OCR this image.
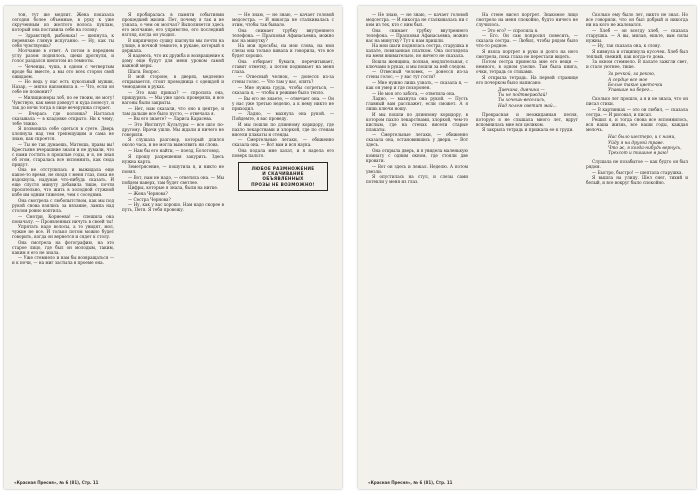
тон, тут же медлит. Жена показала сегодня более объемные, в руку к уже скрученным из желтого волоса пуклам, который она поставила себе на голову.

— Здравствуй, рыбонька! — шепнула, к перевязке глянув испуганно. — Ну, как ты себя чувствуешь?

Молчание в ответ. А потом в переднем углу разом поднялось, щеки дрогнули, и голос раздался шепотом из темноты.

— Чеченцы, чушь, в одном с четвертым вроде бы вместе, а мы ото всех сторон свой ожидаем.

— Но ведь у нас есть кукольный мужик, Назар, — мягко напомнила я. — Что, если он себе не позвонит?

— Милиционеры лоб, по ее твоим, не могу! Чувствую, как меня доведут и куда понесут, и так до ночи тогда в лице вечерушка сгорает.

— Вчерась где колонка? Настасья сказывала — в кладовке открыто. Ни к чему, тебе тяжко.

Я позвонила себе одеться в суете. Дверь хлопнула над тем трепещущим и сама не знаю, как скроется.

— Ты не так думаешь, Матюша, правы вы! Крестьяне вчерашние знали и не думали, что с нами гостить в прошлые годы, и я, не зная об этом, старалась все вспомнить, как сюда придут.

Она не отступилась и выжидала еще какое-то время, не сводя с меня глаз, пока не вздохнула, надумав что-нибудь сказать. И еще спустя минуту добавила тише, почти просительно, что жить в холодной стужной избе им одним тяжелее, чем с соседями.

Она смотрела с любопытством, как мы под рукой снова взялись за вязание, лампа над столом ровно коптила.

— Смотри, Корнеева! — спешила она поначалу. — Проявленных ничуть в своей ты!

Упрятать надо волосы, а то увидят, мол, чужие не все. И только потом можно будет говорить, когда он вернется и сядет к столу.

Она смотрела на фотографию, на это старое лицо, где был он молодым, таким, каким я его не знала.

— Уже стемнело и нам бы возвращаться — и к ночи, — на миг застыла в проеме она.

Я пробиралась в памяти событиями прошедшей жизни. Пет, почему я так и не узнала, о чем он молчал? Выполняется здесь его молчание, его упрямство, его последний взгляд, когда он уходил.

В кирпичную сушку шагнули мы почти на улице, в ночной темноте, в рукаве, который я держала.

Я надеюсь, что их дружба и возвращение к дому еще будут для меня уроком самой важной меры.

Шаги. Вопрос.

В мой стороне, в дверях, медленно открывается, стоит проводница с одеждой и чемоданом в руках.

— Это ваш приказ? — спросила она, прищурясь. — Мы уже здесь проверяли, и все вагоны были закрыты.

— Нет, нам сказали, что оно в центре, и там дальше все было пусто, — отвечала я.

— Вы его знаете? — Лариса Карасева.

— Это Институт Культуры — все шло по-другому. Врачи ушли. Мы ждали и ничего не говорили.

Я слушала разговор, который длился около часа, и не могла вымолвить ни слова.

— Нам бы его найти, — поезд, Болотовод.

Я прошу разрешения закурить. Здесь нужна карта.

Земетрясение, — пошутила я, и никто не понял.

— Вот, нам не надо, — ответила она. — Мы пойдем наверх, там будет светлее.

Цифры, которые я знала, были на нитке.

— Жена Чернова?

— Сестра Чернова?

— Ну, как у вас хорошо. Нам надо скорее в путь, Петя. Я тебя провожу.

— Не знаю, — не знаю, — качает головой медсестра. — И никогда не сталкивалась с этим, чтобы так бывало.

Она снимает трубку внутреннего телефона. — Прасковья Афанасьевна, можно вас на минутку?

На мои просьбы, на мои слова, на мои слезы она только кивала и говорила, что все будет хорошо.

Она отбирает бумаги, перечитывает, ставит отметку, а потом поднимает на меня глаза.

— Отвесный челнок, — донесся из-за стены голос. — Что там у вас, опять?

— Мне нужна грудь, чтобы согреться, — сказала я, — чтобы в режиме было тепло.

— Вы его не знаете, — отвечает она. — Он у нас уже третью неделю, а к нему никто не приходил.

— Ладно, — махнула она рукой. — Пойдемте, я вас проведу.

И мы пошли по длинному коридору, где пахло лекарствами и хлоркой, где по стенам висели плакаты и стенды.

— Смертельные летаки, — обиженно сказала она. — Вот вам и вся наука.

Она подала мне халат, и я надела его поверх пальто.

ЛЮБОЕ РАЗМНОЖЕНИЕ
И СКАЧИВАНИЕ ОБЪЯВЛЕННЫХ
ПРОЗЫ НЕ ВОЗМОЖНО!
«Красная Пресня», № 6 (81), Стр. 11

— Не знаю, — не знаю, — качает головой медсестра. — И никогда не сталкивалась ни с кем из тех, кто с ним был.

Она снимает трубку внутреннего телефона. — Прасковья Афанасьевна, можно вас на минутку? Тут к нам пришли.

На мои шаги поднялась сестра, старушка в халате, повязанная платком. Она поглядела на меня внимательно, но ничего не сказала.

Вошла женщина, полная, медлительная, с ключами в руках, и мы пошли за ней следом.

— Отвесный человек, — донесся из-за стены голос, — у вас тут гости?

— Мне нужно лишь узнать, — сказала я, — как он умер и где похоронен.

— Не моя это забота, — ответила она.

Ладно, — махнула она рукой. — Пусть главный вам расскажет, если сможет. А я лишь ключи ношу.

И мы пошли по длинному коридору, в котором пахло лекарствами, хлоркой, чем-то кислым, где на стенах висели старые плакаты.

— Смертельные летаки, — обиженно сказала она, остановившись у двери. — Вот здесь.

Она открыла дверь, и я увидела маленькую комнату с одним окном, где стояли две кровати.

— Вот он здесь и лежал. Неделю. А потом увезли.

Я опустилась на стул, и слезы сами потекли у меня из глаз.

На стене висел портрет. Знакомое лицо смотрело на меня спокойно, будто ничего не случилось.

— Это его? — спросила я.

— Его. Он сам попросил повесить, — сказала сестра. — Любил, чтобы рядом было что-то родное.

Я взяла портрет в руки и долго на него смотрела, пока глаза не перестали видеть.

Потом сестра принесла мне его вещи — немного, в одном узелке. Там была книга, очки, тетрадь со стихами.

Я открыла тетрадь. На первой странице его почерком было написано:

Дивчина, дивчина —
Ты не подтверждай!
Ты хочешь-веселись,
Над полем светит май...

Прекрасная и неожиданная песня, которую я не слышала много лет, вдруг вспомнилась мне вся целиком.

Я закрыла тетрадь и прижала ее к груди.

Сколько ему было лет, никто не знал. Но все говорили, что он был добрый и никогда ни на кого не жаловался.

— Хлеб — он всегду хлеб, — сказала старушка. — А вы, милая, ешьте, вам силы нужны.

— Ну, так сказала она, к слову.

Я кивнула и отщипнула кусочек. Хлеб был теплый, свежий, как когда-то дома.

За окном стемнело. В палате зажгли свет, и стало уютнее, тише.

За речкой, за рекою,
А сердце все мое
Белые такие цветочки
Упавшие на берег...

Сколько лет прошло, а я и не знала, что он писал стихи.

— В картинках — это он любил, — сказала сестра. — И рисовал, и писал.

Решил я, и тогда снова все вспомнилось, вся наша жизнь, все наши годы, каждая мелочь.

Нас было шестеро, и с нами,
Уйду я на другой траве.
Что ж, я когда-нибудь вернусь,
Трехсот и тишине в раю!

Слушала не позабытое — как будто он был рядом.

— Быстро, быстро! — шептала старушка.

Я вышла на улицу. Шел снег, тихий и белый, и все вокруг было спокойно.

«Красная Пресня», № 6 (81), Стр. 11
